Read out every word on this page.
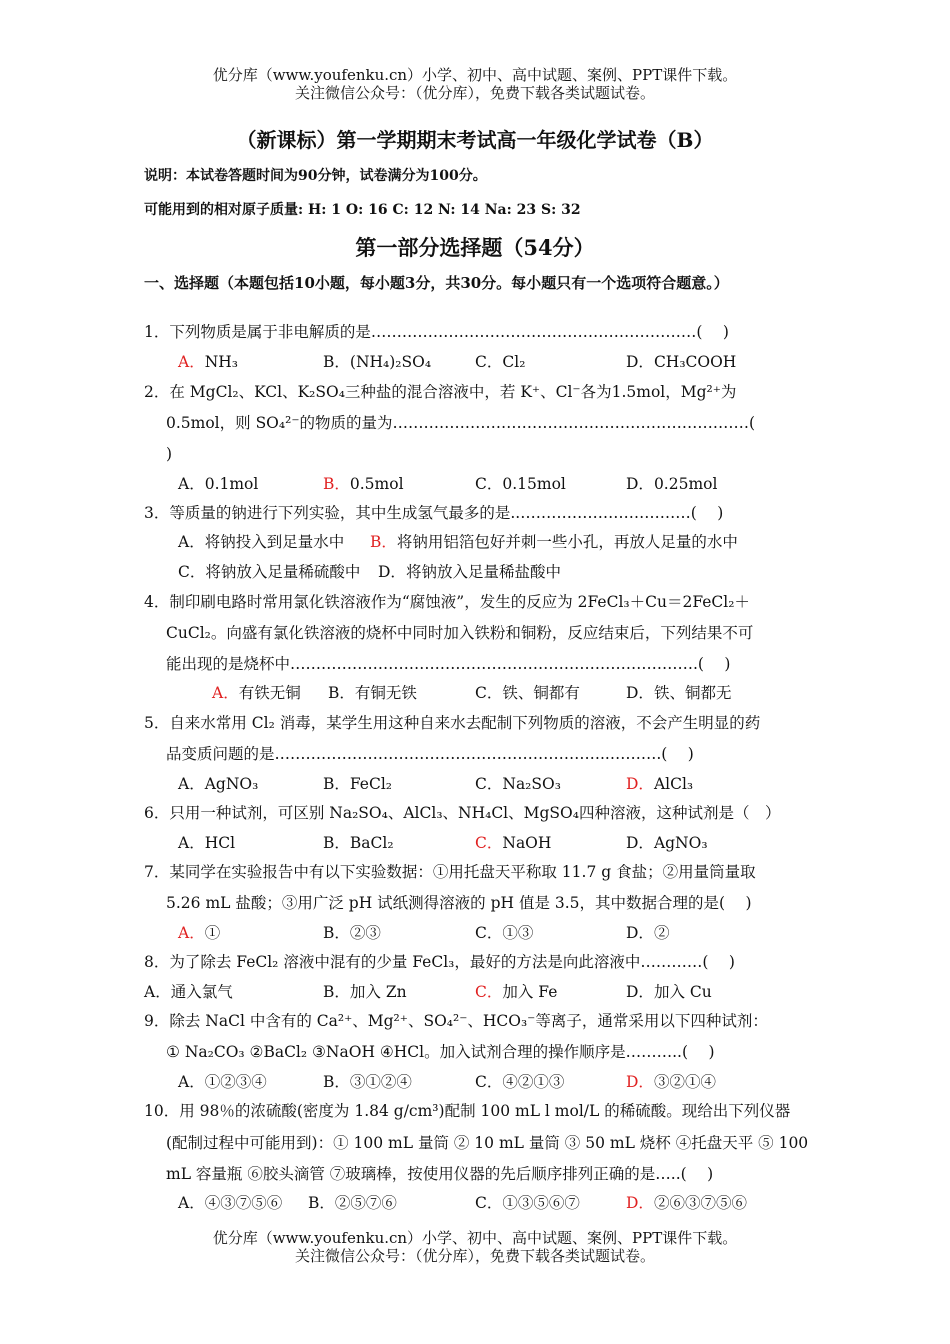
优分库（www.youfenku.cn）小学、初中、高中试题、案例、PPT课件下载。
关注微信公众号：（优分库），免费下载各类试题试卷。
（新课标）第一学期期末考试高一年级化学试卷（B）
说明：本试卷答题时间为90分钟，试卷满分为100分。
可能用到的相对原子质量: H: 1 O: 16 C: 12 N: 14 Na: 23 S: 32
第一部分选择题（54分）
一、选择题（本题包括10小题，每小题3分，共30分。每小题只有一个选项符合题意。）
1．下列物质是属于非电解质的是………………………………………………………(　 )
A．NH₃	B．(NH₄)₂SO₄	C．Cl₂	D．CH₃COOH
2．在 MgCl₂、KCl、K₂SO₄三种盐的混合溶液中，若 K⁺、Cl⁻各为1.5mol，Mg²⁺为
0.5mol，则 SO₄²⁻的物质的量为……………………………………………………………(
)
A．0.1mol	B．0.5mol	C．0.15mol	D．0.25mol
3．等质量的钠进行下列实验，其中生成氢气最多的是..……………………………(　 )
A．将钠投入到足量水中 B．将钠用铝箔包好并刺一些小孔，再放人足量的水中
C．将钠放入足量稀硫酸中 D．将钠放入足量稀盐酸中
4．制印刷电路时常用氯化铁溶液作为“腐蚀液”，发生的反应为 2FeCl₃＋Cu＝2FeCl₂＋
CuCl₂。向盛有氯化铁溶液的烧杯中同时加入铁粉和铜粉，反应结束后，下列结果不可
能出现的是烧杯中…………………………………………………………………….(　 )
A．有铁无铜 B．有铜无铁	C．铁、铜都有	D．铁、铜都无
5．自来水常用 Cl₂ 消毒，某学生用这种自来水去配制下列物质的溶液，不会产生明显的药
品变质问题的是………………………………………………………..……….(　 )
A．AgNO₃	B．FeCl₂	C．Na₂SO₃	D．AlCl₃
6．只用一种试剂，可区别 Na₂SO₄、AlCl₃、NH₄Cl、MgSO₄四种溶液，这种试剂是（　）
A．HCl	B．BaCl₂	C．NaOH	D．AgNO₃
7．某同学在实验报告中有以下实验数据：①用托盘天平称取 11.7 g 食盐；②用量筒量取
5.26 mL 盐酸；③用广泛 pH 试纸测得溶液的 pH 值是 3.5，其中数据合理的是(　 )
A．①	B．②③	C．①③	D．②
8．为了除去 FeCl₂ 溶液中混有的少量 FeCl₃，最好的方法是向此溶液中…………(　 )
A．通入氯气	B．加入 Zn	C．加入 Fe	D．加入 Cu
9．除去 NaCl 中含有的 Ca²⁺、Mg²⁺、SO₄²⁻、HCO₃⁻等离子，通常采用以下四种试剂：
① Na₂CO₃ ②BaCl₂ ③NaOH ④HCl。加入试剂合理的操作顺序是………..(　 )
A．①②③④	B．③①②④	C．④②①③	D．③②①④
10．用 98％的浓硫酸(密度为 1.84 g/cm³)配制 100 mL l mol/L 的稀硫酸。现给出下列仪器
(配制过程中可能用到)：① 100 mL 量筒 ② 10 mL 量筒 ③ 50 mL 烧杯 ④托盘天平 ⑤ 100
mL 容量瓶 ⑥胶头滴管 ⑦玻璃棒，按使用仪器的先后顺序排列正确的是…..(　 )
A．④③⑦⑤⑥ B．②⑤⑦⑥	C．①③⑤⑥⑦	D．②⑥③⑦⑤⑥
优分库（www.youfenku.cn）小学、初中、高中试题、案例、PPT课件下载。
关注微信公众号：（优分库），免费下载各类试题试卷。
